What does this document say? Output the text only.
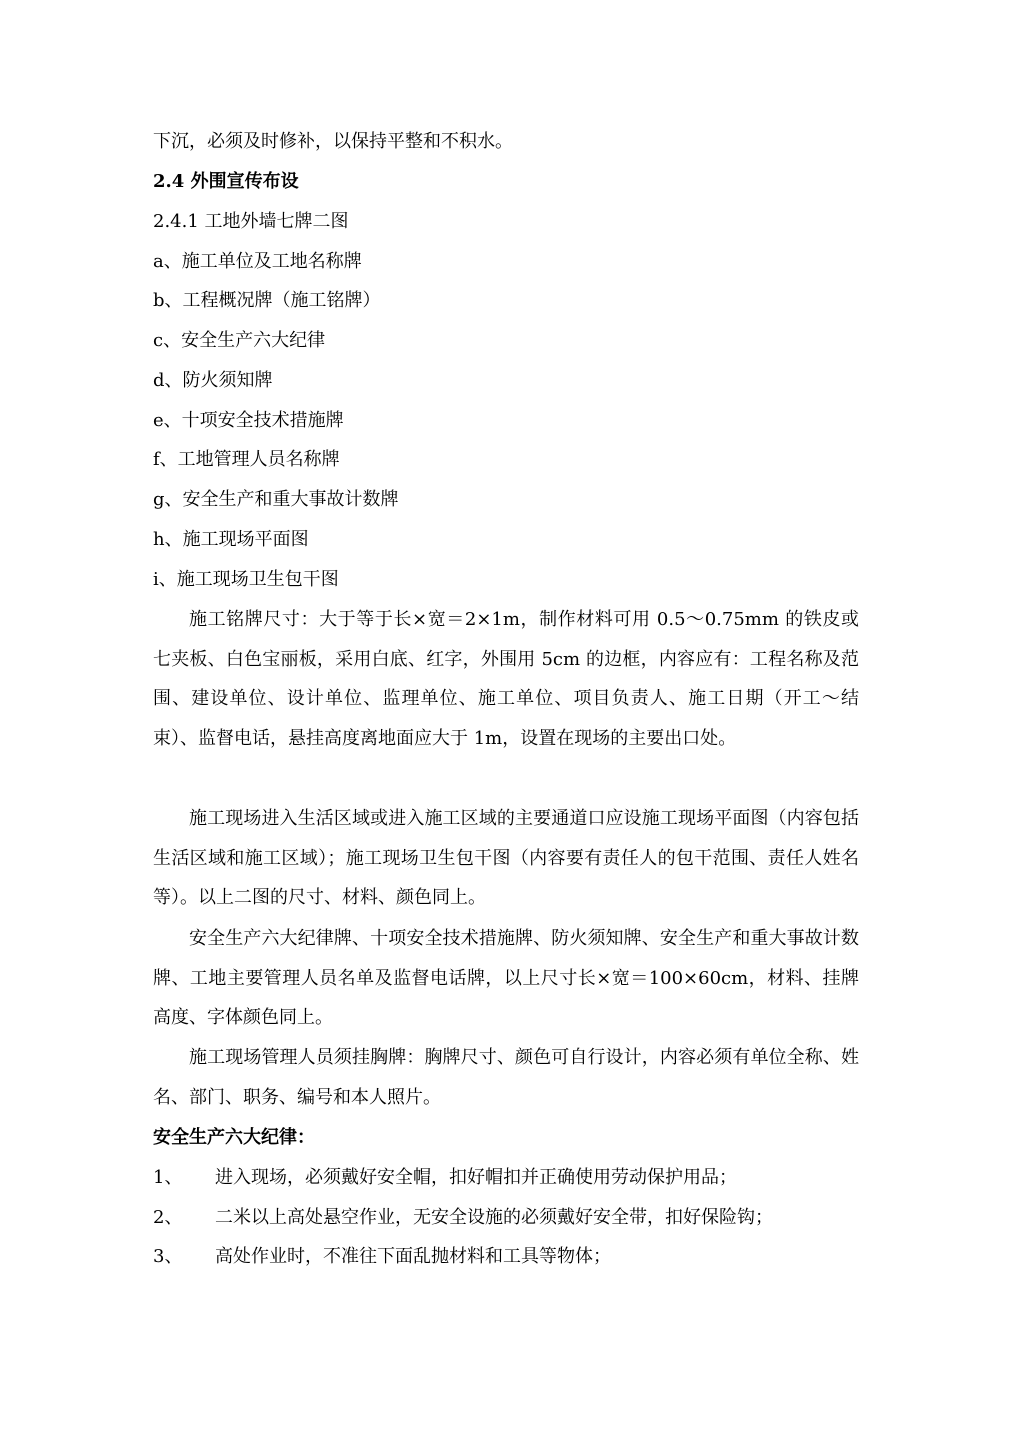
下沉，必须及时修补，以保持平整和不积水。
2.4 外围宣传布设
2.4.1 工地外墙七牌二图
a、施工单位及工地名称牌
b、工程概况牌（施工铭牌）
c、安全生产六大纪律
d、防火须知牌
e、十项安全技术措施牌
f、工地管理人员名称牌
g、安全生产和重大事故计数牌
h、施工现场平面图
i、施工现场卫生包干图
施工铭牌尺寸：大于等于长×宽＝2×1m，制作材料可用 0.5～0.75mm 的铁皮或七夹板、白色宝丽板，采用白底、红字，外围用 5cm 的边框，内容应有：工程名称及范围、建设单位、设计单位、监理单位、施工单位、项目负责人、施工日期（开工～结束）、监督电话，悬挂高度离地面应大于 1m，设置在现场的主要出口处。
施工现场进入生活区域或进入施工区域的主要通道口应设施工现场平面图（内容包括生活区域和施工区域）；施工现场卫生包干图（内容要有责任人的包干范围、责任人姓名等）。以上二图的尺寸、材料、颜色同上。
安全生产六大纪律牌、十项安全技术措施牌、防火须知牌、安全生产和重大事故计数牌、工地主要管理人员名单及监督电话牌，以上尺寸长×宽＝100×60cm，材料、挂牌高度、字体颜色同上。
施工现场管理人员须挂胸牌：胸牌尺寸、颜色可自行设计，内容必须有单位全称、姓名、部门、职务、编号和本人照片。
安全生产六大纪律：
1、 进入现场，必须戴好安全帽，扣好帽扣并正确使用劳动保护用品；
2、 二米以上高处悬空作业，无安全设施的必须戴好安全带，扣好保险钩；
3、 高处作业时，不准往下面乱抛材料和工具等物体；
